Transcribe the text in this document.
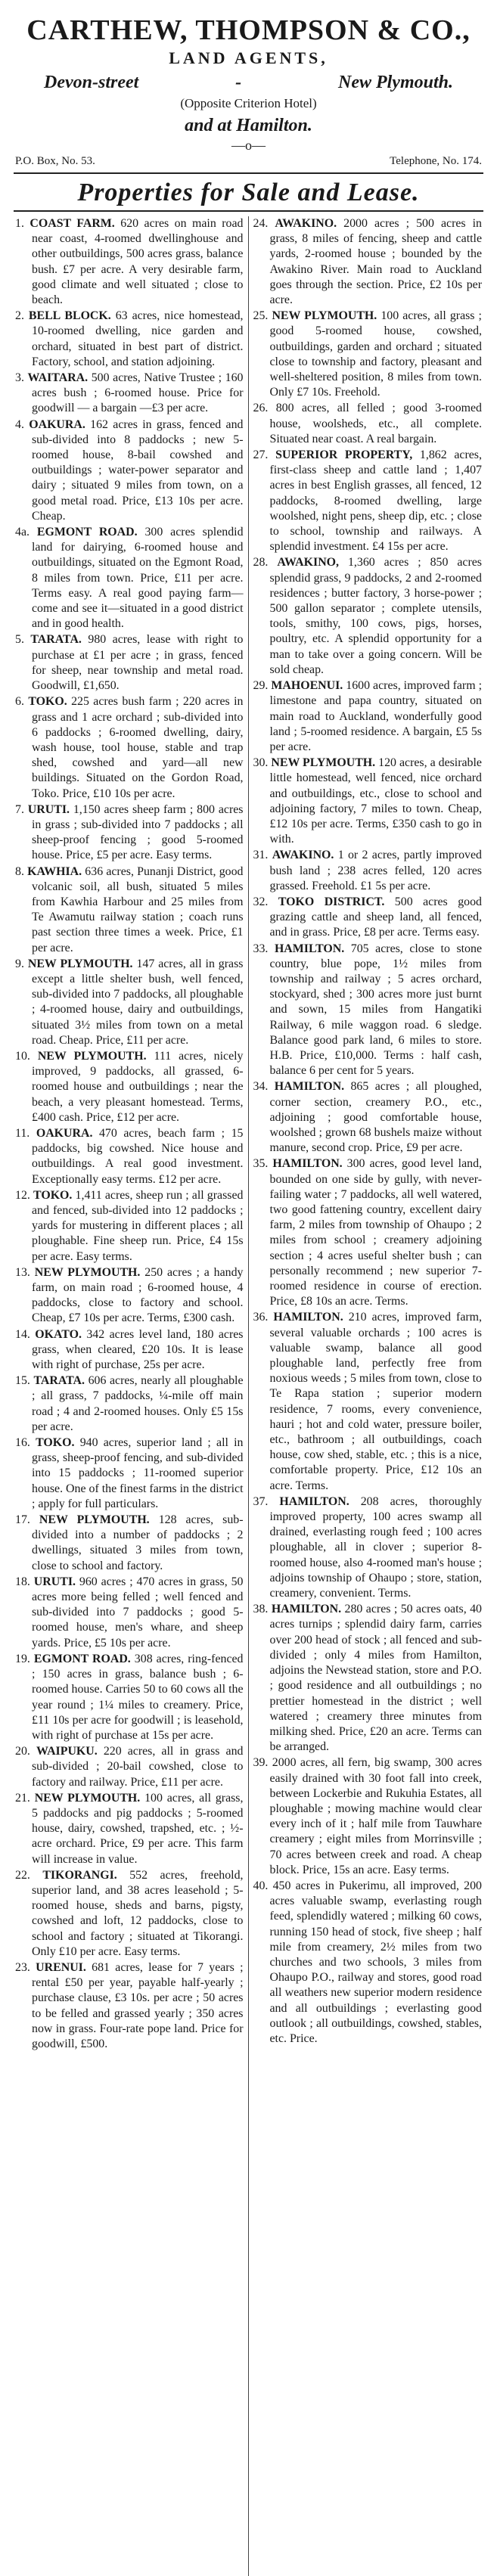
CARTHEW, THOMPSON & CO.,
LAND AGENTS,
Devon-street	-	New Plymouth.
(Opposite Criterion Hotel)
and at Hamilton.
—o—
P.O. Box, No. 53.	Telephone, No. 174.
Properties for Sale and Lease.
1. COAST FARM. 620 acres on main road near coast, 4-roomed dwellinghouse and other outbuildings, 500 acres grass, balance bush. £7 per acre. A very desirable farm, good climate and well situated ; close to beach.
2. BELL BLOCK. 63 acres, nice homestead, 10-roomed dwelling, nice garden and orchard, situated in best part of district. Factory, school, and station adjoining.
3. WAITARA. 500 acres, Native Trustee ; 160 acres bush ; 6-roomed house. Price for goodwill — a bargain —£3 per acre.
4. OAKURA. 162 acres in grass, fenced and sub-divided into 8 paddocks ; new 5-roomed house, 8-bail cowshed and outbuildings ; water-power separator and dairy ; situated 9 miles from town, on a good metal road. Price, £13 10s per acre. Cheap.
4a. EGMONT ROAD. 300 acres splendid land for dairying, 6-roomed house and outbuildings, situated on the Egmont Road, 8 miles from town. Price, £11 per acre. Terms easy. A real good paying farm—come and see it—situated in a good district and in good health.
5. TARATA. 980 acres, lease with right to purchase at £1 per acre ; in grass, fenced for sheep, near township and metal road. Goodwill, £1,650.
6. TOKO. 225 acres bush farm ; 220 acres in grass and 1 acre orchard ; sub-divided into 6 paddocks ; 6-roomed dwelling, dairy, wash house, tool house, stable and trap shed, cowshed and yard—all new buildings. Situated on the Gordon Road, Toko. Price, £10 10s per acre.
7. URUTI. 1,150 acres sheep farm ; 800 acres in grass ; sub-divided into 7 paddocks ; all sheep-proof fencing ; good 5-roomed house. Price, £5 per acre. Easy terms.
8. KAWHIA. 636 acres, Punanji District, good volcanic soil, all bush, situated 5 miles from Kawhia Harbour and 25 miles from Te Awamutu railway station ; coach runs past section three times a week. Price, £1 per acre.
9. NEW PLYMOUTH. 147 acres, all in grass except a little shelter bush, well fenced, sub-divided into 7 paddocks, all ploughable ; 4-roomed house, dairy and outbuildings, situated 3½ miles from town on a metal road. Cheap. Price, £11 per acre.
10. NEW PLYMOUTH. 111 acres, nicely improved, 9 paddocks, all grassed, 6-roomed house and outbuildings ; near the beach, a very pleasant homestead. Terms, £400 cash. Price, £12 per acre.
11. OAKURA. 470 acres, beach farm ; 15 paddocks, big cowshed. Nice house and outbuildings. A real good investment. Exceptionally easy terms. £12 per acre.
12. TOKO. 1,411 acres, sheep run ; all grassed and fenced, sub-divided into 12 paddocks ; yards for mustering in different places ; all ploughable. Fine sheep run. Price, £4 15s per acre. Easy terms.
13. NEW PLYMOUTH. 250 acres ; a handy farm, on main road ; 6-roomed house, 4 paddocks, close to factory and school. Cheap, £7 10s per acre. Terms, £300 cash.
14. OKATO. 342 acres level land, 180 acres grass, when cleared, £20 10s. It is lease with right of purchase, 25s per acre.
15. TARATA. 606 acres, nearly all ploughable ; all grass, 7 paddocks, ¼-mile off main road ; 4 and 2-roomed houses. Only £5 15s per acre.
16. TOKO. 940 acres, superior land ; all in grass, sheep-proof fencing, and sub-divided into 15 paddocks ; 11-roomed superior house. One of the finest farms in the district ; apply for full particulars.
17. NEW PLYMOUTH. 128 acres, sub-divided into a number of paddocks ; 2 dwellings, situated 3 miles from town, close to school and factory.
18. URUTI. 960 acres ; 470 acres in grass, 50 acres more being felled ; well fenced and sub-divided into 7 paddocks ; good 5-roomed house, men's whare, and sheep yards. Price, £5 10s per acre.
19. EGMONT ROAD. 308 acres, ring-fenced ; 150 acres in grass, balance bush ; 6-roomed house. Carries 50 to 60 cows all the year round ; 1¼ miles to creamery. Price, £11 10s per acre for goodwill ; is leasehold, with right of purchase at 15s per acre.
20. WAIPUKU. 220 acres, all in grass and sub-divided ; 20-bail cowshed, close to factory and railway. Price, £11 per acre.
21. NEW PLYMOUTH. 100 acres, all grass, 5 paddocks and pig paddocks ; 5-roomed house, dairy, cowshed, trapshed, etc. ; ½-acre orchard. Price, £9 per acre. This farm will increase in value.
22. TIKORANGI. 552 acres, freehold, superior land, and 38 acres leasehold ; 5-roomed house, sheds and barns, pigsty, cowshed and loft, 12 paddocks, close to school and factory ; situated at Tikorangi. Only £10 per acre. Easy terms.
23. URENUI. 681 acres, lease for 7 years ; rental £50 per year, payable half-yearly ; purchase clause, £3 10s. per acre ; 50 acres to be felled and grassed yearly ; 350 acres now in grass. Four-rate pope land. Price for goodwill, £500.
24. AWAKINO. 2000 acres ; 500 acres in grass, 8 miles of fencing, sheep and cattle yards, 2-roomed house ; bounded by the Awakino River. Main road to Auckland goes through the section. Price, £2 10s per acre.
25. NEW PLYMOUTH. 100 acres, all grass ; good 5-roomed house, cowshed, outbuildings, garden and orchard ; situated close to township and factory, pleasant and well-sheltered position, 8 miles from town. Only £7 10s. Freehold.
26. 800 acres, all felled ; good 3-roomed house, woolsheds, etc., all complete. Situated near coast. A real bargain.
27. SUPERIOR PROPERTY, 1,862 acres, first-class sheep and cattle land ; 1,407 acres in best English grasses, all fenced, 12 paddocks, 8-roomed dwelling, large woolshed, night pens, sheep dip, etc. ; close to school, township and railways. A splendid investment. £4 15s per acre.
28. AWAKINO, 1,360 acres ; 850 acres splendid grass, 9 paddocks, 2 and 2-roomed residences ; butter factory, 3 horse-power ; 500 gallon separator ; complete utensils, tools, smithy, 100 cows, pigs, horses, poultry, etc. A splendid opportunity for a man to take over a going concern. Will be sold cheap.
29. MAHOENUI. 1600 acres, improved farm ; limestone and papa country, situated on main road to Auckland, wonderfully good land ; 5-roomed residence. A bargain, £5 5s per acre.
30. NEW PLYMOUTH. 120 acres, a desirable little homestead, well fenced, nice orchard and outbuildings, etc., close to school and adjoining factory, 7 miles to town. Cheap, £12 10s per acre. Terms, £350 cash to go in with.
31. AWAKINO. 1 or 2 acres, partly improved bush land ; 238 acres felled, 120 acres grassed. Freehold. £1 5s per acre.
32. TOKO DISTRICT. 500 acres good grazing cattle and sheep land, all fenced, and in grass. Price, £8 per acre. Terms easy.
33. HAMILTON. 705 acres, close to stone country, blue pope, 1½ miles from township and railway ; 5 acres orchard, stockyard, shed ; 300 acres more just burnt and sown, 15 miles from Hangatiki Railway, 6 mile waggon road. 6 sledge. Balance good park land, 6 miles to store. H.B. Price, £10,000. Terms : half cash, balance 6 per cent for 5 years.
34. HAMILTON. 865 acres ; all ploughed, corner section, creamery P.O., etc., adjoining ; good comfortable house, woolshed ; grown 68 bushels maize without manure, second crop. Price, £9 per acre.
35. HAMILTON. 300 acres, good level land, bounded on one side by gully, with never-failing water ; 7 paddocks, all well watered, two good fattening country, excellent dairy farm, 2 miles from township of Ohaupo ; 2 miles from school ; creamery adjoining section ; 4 acres useful shelter bush ; can personally recommend ; new superior 7-roomed residence in course of erection. Price, £8 10s an acre. Terms.
36. HAMILTON. 210 acres, improved farm, several valuable orchards ; 100 acres is valuable swamp, balance all good ploughable land, perfectly free from noxious weeds ; 5 miles from town, close to Te Rapa station ; superior modern residence, 7 rooms, every convenience, hauri ; hot and cold water, pressure boiler, etc., bathroom ; all outbuildings, coach house, cow shed, stable, etc. ; this is a nice, comfortable property. Price, £12 10s an acre. Terms.
37. HAMILTON. 208 acres, thoroughly improved property, 100 acres swamp all drained, everlasting rough feed ; 100 acres ploughable, all in clover ; superior 8-roomed house, also 4-roomed man's house ; adjoins township of Ohaupo ; store, station, creamery, convenient. Terms.
38. HAMILTON. 280 acres ; 50 acres oats, 40 acres turnips ; splendid dairy farm, carries over 200 head of stock ; all fenced and sub-divided ; only 4 miles from Hamilton, adjoins the Newstead station, store and P.O. ; good residence and all outbuildings ; no prettier homestead in the district ; well watered ; creamery three minutes from milking shed. Price, £20 an acre. Terms can be arranged.
39. 2000 acres, all fern, big swamp, 300 acres easily drained with 30 foot fall into creek, between Lockerbie and Rukuhia Estates, all ploughable ; mowing machine would clear every inch of it ; half mile from Tauwhare creamery ; eight miles from Morrinsville ; 70 acres between creek and road. A cheap block. Price, 15s an acre. Easy terms.
40. 450 acres in Pukerimu, all improved, 200 acres valuable swamp, everlasting rough feed, splendidly watered ; milking 60 cows, running 150 head of stock, five sheep ; half mile from creamery, 2½ miles from two churches and two schools, 3 miles from Ohaupo P.O., railway and stores, good road all weathers new superior modern residence and all outbuildings ; everlasting good outlook ; all outbuildings, cowshed, stables, etc. Price.
